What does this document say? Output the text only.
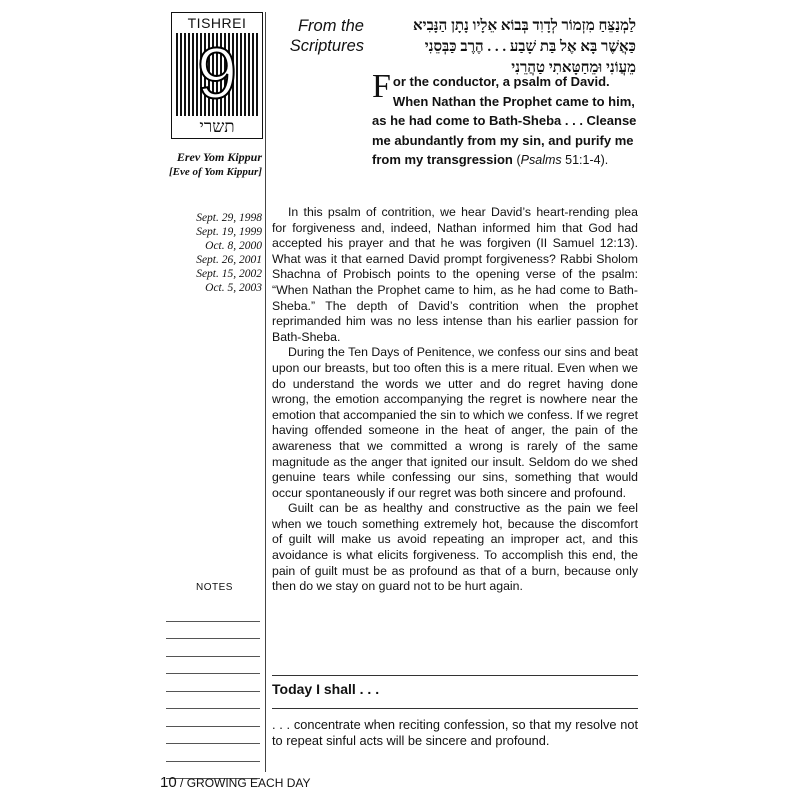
TISHREI
9
תשרי
Erev Yom Kippur
[Eve of Yom Kippur]
Sept. 29, 1998
Sept. 19, 1999
Oct. 8, 2000
Sept. 26, 2001
Sept. 15, 2002
Oct. 5, 2003
NOTES
From the
Scriptures
לַמְנַצֵּחַ מִזְמוֹר לְדָוִד בְּבוֹא אֵלָיו נָתָן הַנָּבִיא
כַּאֲשֶׁר בָּא אֶל בַּת שָׁבַע . . . הֶרֶב כַּבְּסֵנִי
מֵעֲוֹנִי וּמֵחַטָּאתִי טַהֲרֵנִי
For the conductor, a psalm of David. When Nathan the Prophet came to him, as he had come to Bath-Sheba . . . Cleanse me abundantly from my sin, and purify me from my transgression (Psalms 51:1-4).

In this psalm of contrition, we hear David’s heart-rending plea for forgiveness and, indeed, Nathan informed him that God had accepted his prayer and that he was forgiven (II Samuel 12:13). What was it that earned David prompt forgiveness? Rabbi Sholom Shachna of Probisch points to the opening verse of the psalm: “When Nathan the Prophet came to him, as he had come to Bath-Sheba.” The depth of David’s contrition when the prophet reprimanded him was no less intense than his earlier passion for Bath-Sheba.

During the Ten Days of Penitence, we confess our sins and beat upon our breasts, but too often this is a mere ritual. Even when we do understand the words we utter and do regret having done wrong, the emotion accompanying the regret is nowhere near the emotion that accompanied the sin to which we confess. If we regret having offended someone in the heat of anger, the pain of the awareness that we committed a wrong is rarely of the same magnitude as the anger that ignited our insult. Seldom do we shed genuine tears while confessing our sins, something that would occur spontaneously if our regret was both sincere and profound.

Guilt can be as healthy and constructive as the pain we feel when we touch something extremely hot, because the discomfort of guilt will make us avoid repeating an improper act, and this avoidance is what elicits forgiveness. To accomplish this end, the pain of guilt must be as profound as that of a burn, because only then do we stay on guard not to be hurt again.

Today I shall . . .
. . . concentrate when reciting confession, so that my resolve not to repeat sinful acts will be sincere and profound.
10 / GROWING EACH DAY
